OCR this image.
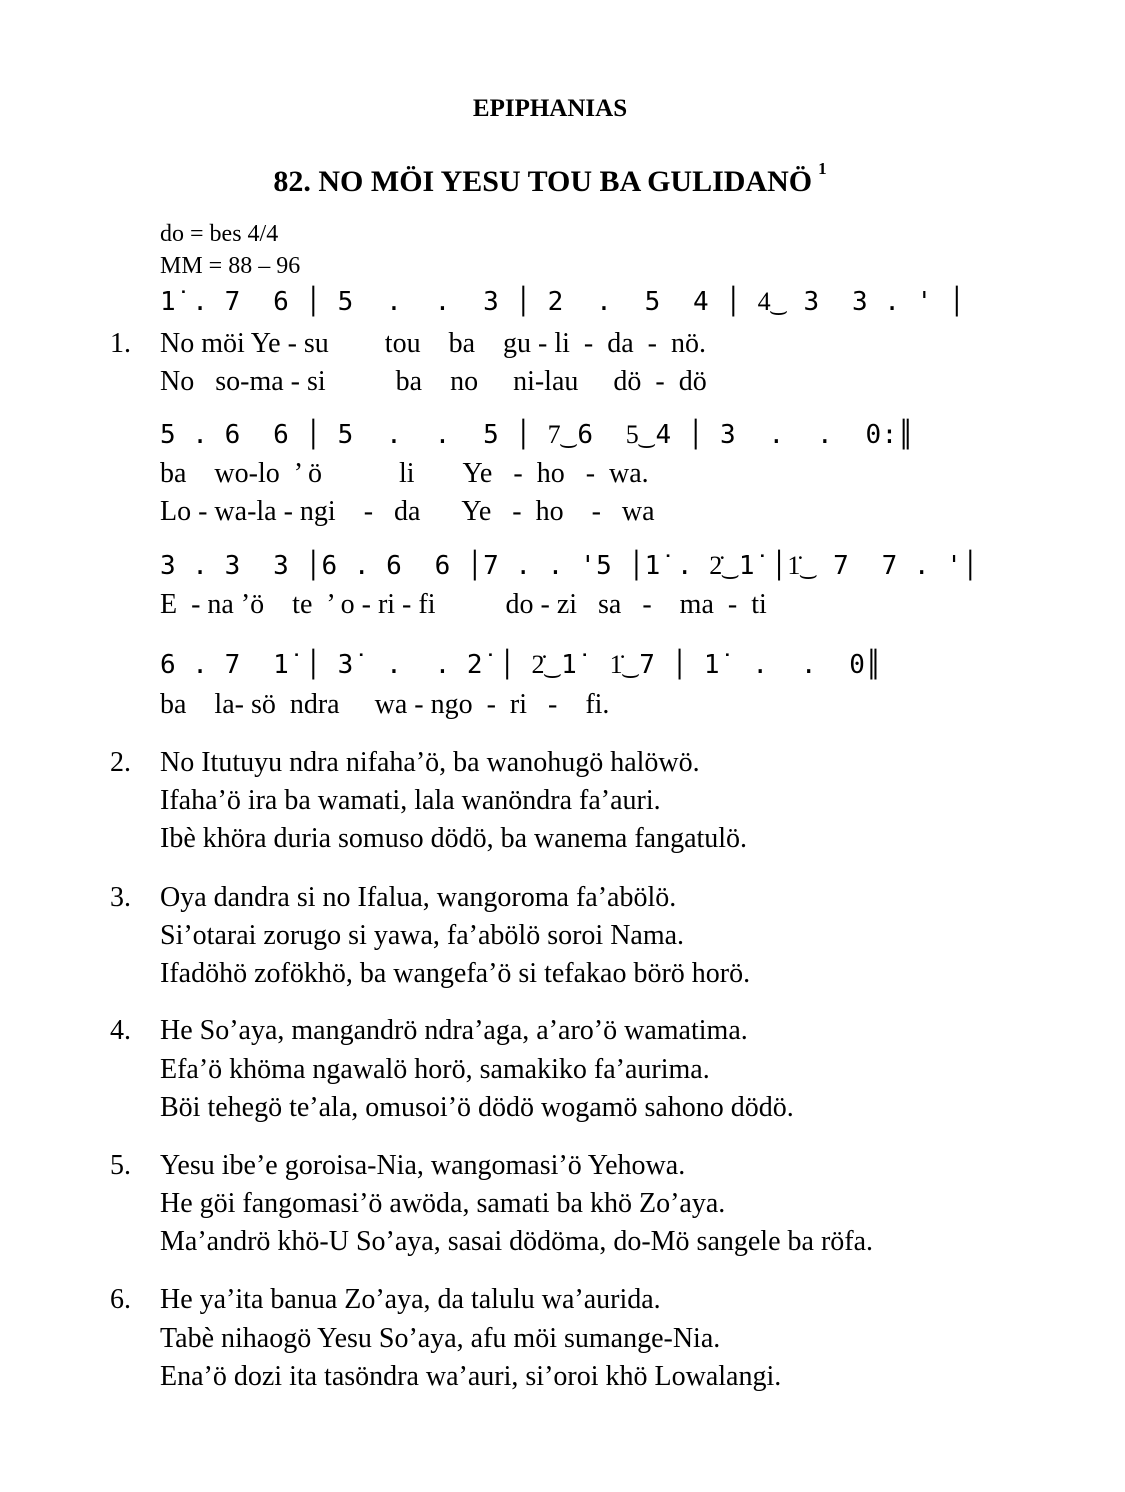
EPIPHANIAS
82. NO MÖI YESU TOU BA GULIDANÖ $^1$
do = bes 4/4
MM = 88 – 96
1̇ . 7  6 │ 5  .  .  3 │ 2  .  5  4 │ 4͜  3  3 . ' │
1. No möi Ye - su        tou    ba    gu - li  -  da  -  nö.
No   so-ma - si          ba    no     ni-lau     dö  -  dö
5 . 6  6 │ 5  .  .  5 │ 7͜ 6  5͜ 4 │ 3  .  .  0:║
ba    wo-lo  ’ ö           li       Ye   -  ho   -  wa.
Lo - wa-la - ngi    -   da      Ye   -  ho    -   wa
3 . 3  3 │6 . 6  6 │7 . . '5 │1̇ . 2̇͜ 1̇ │1̇͜  7  7 . '│
E  - na ’ö    te  ’ o - ri - fi          do - zi   sa   -    ma  -  ti
6 . 7  1̇ │ 3̇  .  . 2̇ │ 2̇͜ 1̇  1̇͜ 7 │ 1̇  .  .  0║
ba    la- sö  ndra     wa - ngo  -  ri   -    fi.
2. No Itutuyu ndra nifaha’ö, ba wanohugö halöwö.
Ifaha’ö ira ba wamati, lala wanöndra fa’auri.
Ibè khöra duria somuso dödö, ba wanema fangatulö.
3. Oya dandra si no Ifalua, wangoroma fa’abölö.
Si’otarai zorugo si yawa, fa’abölö soroi Nama.
Ifadöhö zofökhö, ba wangefa’ö si tefakao börö horö.
4. He So’aya, mangandrö ndra’aga, a’aro’ö wamatima.
Efa’ö khöma ngawalö horö, samakiko fa’aurima.
Böi tehegö te’ala, omusoi’ö dödö wogamö sahono dödö.
5. Yesu ibe’e goroisa-Nia, wangomasi’ö Yehowa.
He göi fangomasi’ö awöda, samati ba khö Zo’aya.
Ma’andrö khö-U So’aya, sasai dödöma, do-Mö sangele ba röfa.
6. He ya’ita banua Zo’aya, da talulu wa’aurida.
Tabè nihaogö Yesu So’aya, afu möi sumange-Nia.
Ena’ö dozi ita tasöndra wa’auri, si’oroi khö Lowalangi.
